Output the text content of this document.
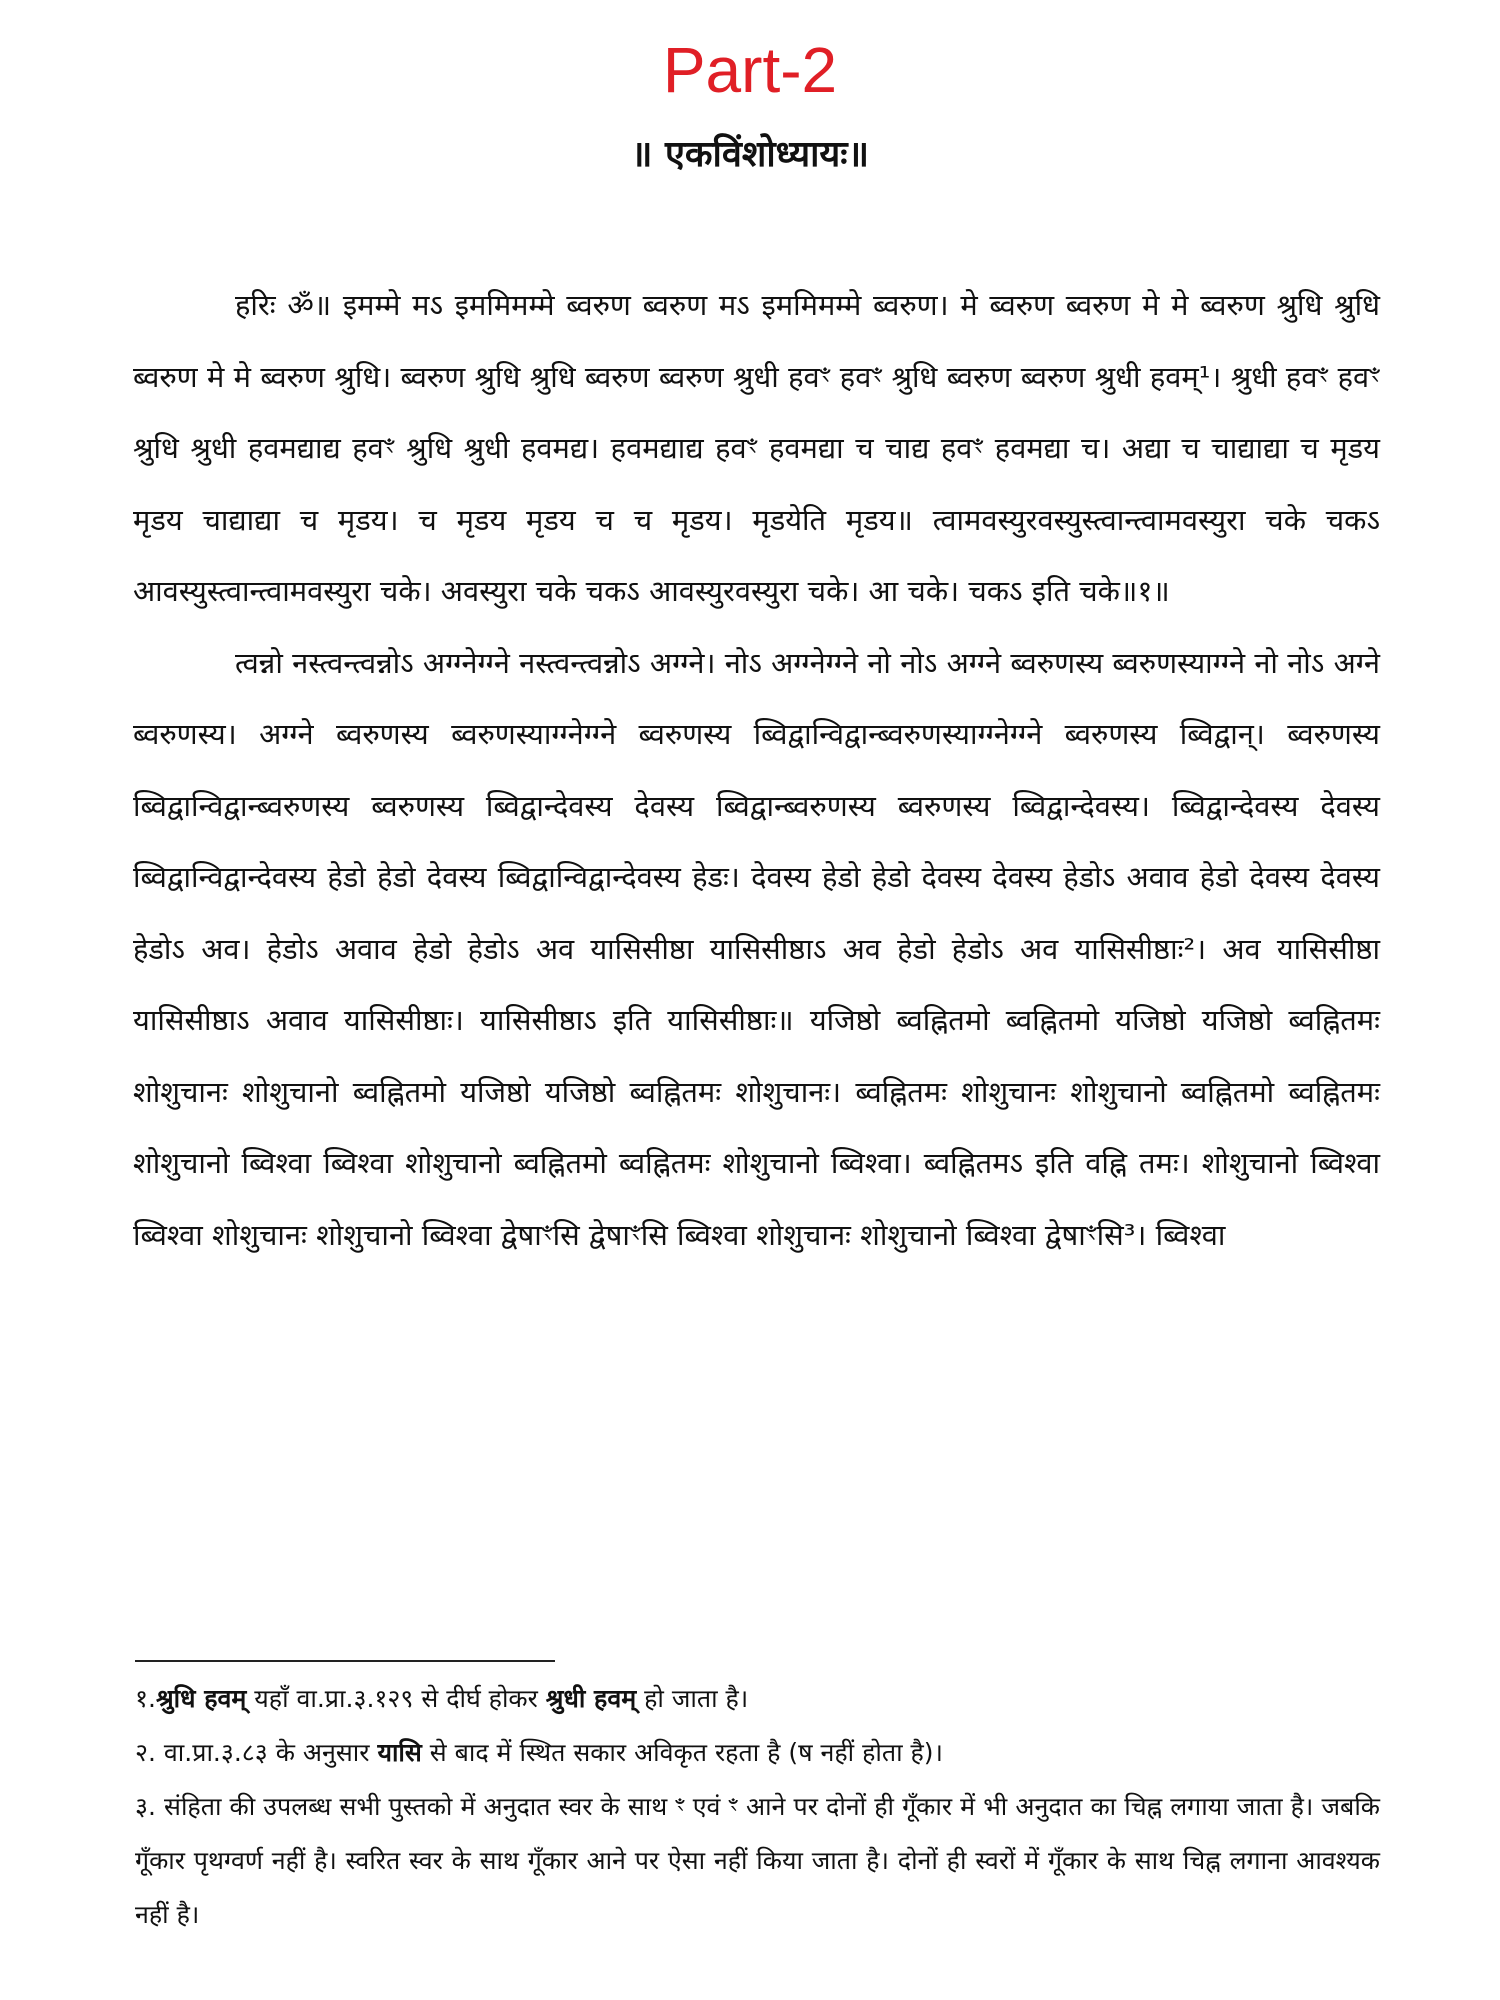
Part-2
॥ एकविंशोध्यायः॥

हरिः ॐ॥ इमम्मे मऽ इममिमम्मे ब्वरुण ब्वरुण मऽ इममिमम्मे ब्वरुण। मे ब्वरुण ब्वरुण मे मे ब्वरुण श्रुधि श्रुधि ब्वरुण मे मे ब्वरुण श्रुधि। ब्वरुण श्रुधि श्रुधि ब्वरुण ब्वरुण श्रुधी हवꣳ हवꣳ श्रुधि ब्वरुण ब्वरुण श्रुधी हवम्¹। श्रुधी हवꣳ हवꣳ श्रुधि श्रुधी हवमद्याद्य हवꣳ श्रुधि श्रुधी हवमद्य। हवमद्याद्य हवꣳ हवमद्या च चाद्य हवꣳ हवमद्या च। अद्या च चाद्याद्या च मृडय मृडय चाद्याद्या च मृडय। च मृडय मृडय च च मृडय। मृडयेति मृडय॥ त्वामवस्युरवस्युस्त्वान्त्वामवस्युरा चके चकऽ आवस्युस्त्वान्त्वामवस्युरा चके। अवस्युरा चके चकऽ आवस्युरवस्युरा चके। आ चके। चकऽ इति चके॥१॥

त्वन्नो नस्त्वन्त्वन्नोऽ अग्ग्नेग्ग्ने नस्त्वन्त्वन्नोऽ अग्ग्ने। नोऽ अग्ग्नेग्ग्ने नो नोऽ अग्ग्ने ब्वरुणस्य ब्वरुणस्याग्ग्ने नो नोऽ अग्ने ब्वरुणस्य। अग्ग्ने ब्वरुणस्य ब्वरुणस्याग्ग्नेग्ग्ने ब्वरुणस्य ब्विद्वान्विद्वान्ब्वरुणस्याग्ग्नेग्ग्ने ब्वरुणस्य ब्विद्वान्। ब्वरुणस्य ब्विद्वान्विद्वान्ब्वरुणस्य ब्वरुणस्य ब्विद्वान्देवस्य देवस्य ब्विद्वान्ब्वरुणस्य ब्वरुणस्य ब्विद्वान्देवस्य। ब्विद्वान्देवस्य देवस्य ब्विद्वान्विद्वान्देवस्य हेडो हेडो देवस्य ब्विद्वान्विद्वान्देवस्य हेडः। देवस्य हेडो हेडो देवस्य देवस्य हेडोऽ अवाव हेडो देवस्य देवस्य हेडोऽ अव। हेडोऽ अवाव हेडो हेडोऽ अव यासिसीष्ठा यासिसीष्ठाऽ अव हेडो हेडोऽ अव यासिसीष्ठाः²। अव यासिसीष्ठा यासिसीष्ठाऽ अवाव यासिसीष्ठाः। यासिसीष्ठाऽ इति यासिसीष्ठाः॥ यजिष्ठो ब्वह्नितमो ब्वह्नितमो यजिष्ठो यजिष्ठो ब्वह्नितमः शोशुचानः शोशुचानो ब्वह्नितमो यजिष्ठो यजिष्ठो ब्वह्नितमः शोशुचानः। ब्वह्नितमः शोशुचानः शोशुचानो ब्वह्नितमो ब्वह्नितमः शोशुचानो ब्विश्वा ब्विश्वा शोशुचानो ब्वह्नितमो ब्वह्नितमः शोशुचानो ब्विश्वा। ब्वह्नितमऽ इति वह्नि तमः। शोशुचानो ब्विश्वा ब्विश्वा शोशुचानः शोशुचानो ब्विश्वा द्वेषाꣳसि द्वेषाꣳसि ब्विश्वा शोशुचानः शोशुचानो ब्विश्वा द्वेषाꣳसि³। ब्विश्वा

१.श्रुधि हवम् यहाँ वा.प्रा.३.१२९ से दीर्घ होकर श्रुधी हवम् हो जाता है।

२. वा.प्रा.३.८३ के अनुसार यासि से बाद में स्थित सकार अविकृत रहता है (ष नहीं होता है)।

३. संहिता की उपलब्ध सभी पुस्तको में अनुदात स्वर के साथ ꣳ एवं ꣳ आने पर दोनों ही गूँकार में भी अनुदात का चिह्न लगाया जाता है। जबकि गूँकार पृथग्वर्ण नहीं है। स्वरित स्वर के साथ गूँकार आने पर ऐसा नहीं किया जाता है। दोनों ही स्वरों में गूँकार के साथ चिह्न लगाना आवश्यक नहीं है।
